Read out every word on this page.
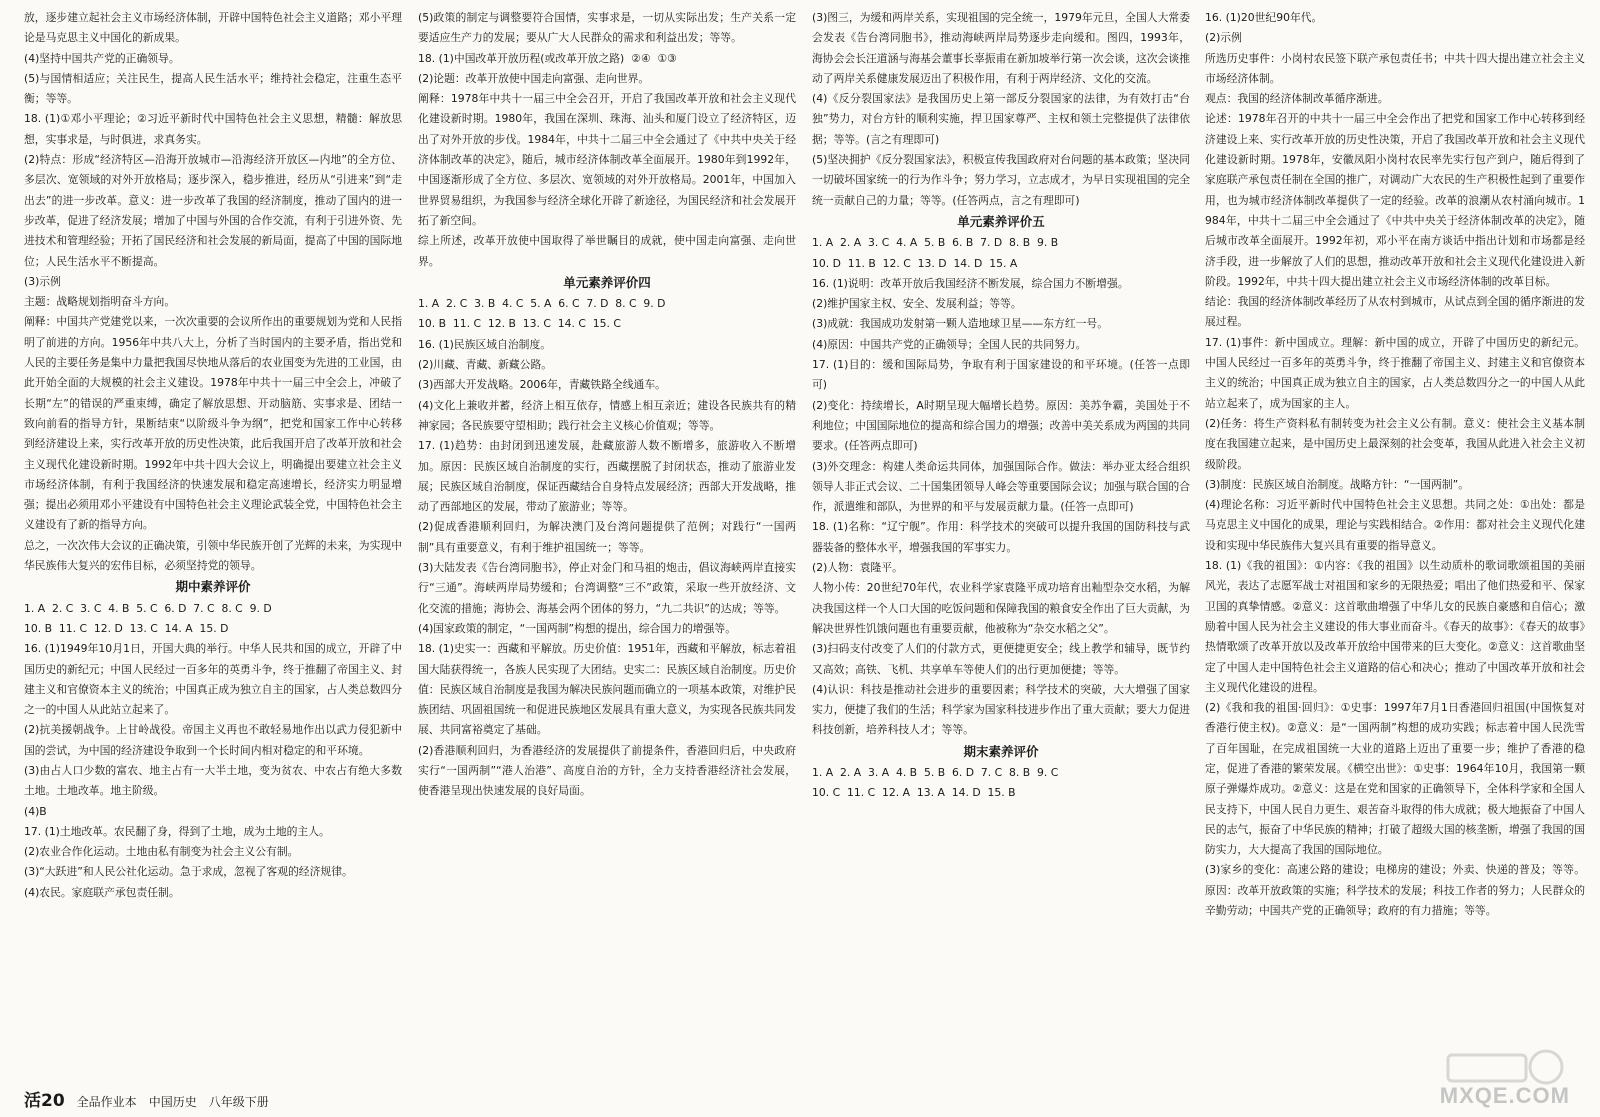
放，逐步建立起社会主义市场经济体制，开辟中国特色社会主义道路；邓小平理论是马克思主义中国化的新成果。
(4)坚持中国共产党的正确领导。
(5)与国情相适应；关注民生，提高人民生活水平；维持社会稳定，注重生态平衡；等等。
18. (1)①邓小平理论；②习近平新时代中国特色社会主义思想，精髓：解放思想，实事求是，与时俱进，求真务实。
(2)特点：形成“经济特区—沿海开放城市—沿海经济开放区—内地”的全方位、多层次、宽领域的对外开放格局；逐步深入，稳步推进，经历从“引进来”到“走出去”的进一步改革。意义：进一步改革了我国的经济制度，推动了国内的进一步改革，促进了经济发展；增加了中国与外国的合作交流，有利于引进外资、先进技术和管理经验；开拓了国民经济和社会发展的新局面，提高了中国的国际地位；人民生活水平不断提高。
(3)示例
主题：战略规划指明奋斗方向。
阐释：中国共产党建党以来，一次次重要的会议所作出的重要规划为党和人民指明了前进的方向。1956年中共八大上，分析了当时国内的主要矛盾，指出党和人民的主要任务是集中力量把我国尽快地从落后的农业国变为先进的工业国，由此开始全面的大规模的社会主义建设。1978年中共十一届三中全会上，冲破了长期“左”的错误的严重束缚，确定了解放思想、开动脑筋、实事求是、团结一致向前看的指导方针，果断结束“以阶级斗争为纲”，把党和国家工作中心转移到经济建设上来，实行改革开放的历史性决策，此后我国开启了改革开放和社会主义现代化建设新时期。1992年中共十四大会议上，明确提出要建立社会主义市场经济体制，有利于我国经济的快速发展和稳定高速增长，经济实力明显增强；提出必须用邓小平建设有中国特色社会主义理论武装全党，中国特色社会主义建设有了新的指导方向。
总之，一次次伟大会议的正确决策，引领中华民族开创了光辉的未来，为实现中华民族伟大复兴的宏伟目标，必须坚持党的领导。
期中素养评价
1. A  2. C  3. C  4. B  5. C  6. D  7. C  8. C  9. D
10. B  11. C  12. D  13. C  14. A  15. D
16. (1)1949年10月1日，开国大典的举行。中华人民共和国的成立，开辟了中国历史的新纪元；中国人民经过一百多年的英勇斗争，终于推翻了帝国主义、封建主义和官僚资本主义的统治；中国真正成为独立自主的国家，占人类总数四分之一的中国人从此站立起来了。
(2)抗美援朝战争。上甘岭战役。帝国主义再也不敢轻易地作出以武力侵犯新中国的尝试，为中国的经济建设争取到一个长时间内相对稳定的和平环境。
(3)由占人口少数的富农、地主占有一大半土地，变为贫农、中农占有绝大多数土地。土地改革。地主阶级。
(4)B
17. (1)土地改革。农民翻了身，得到了土地，成为土地的主人。
(2)农业合作化运动。土地由私有制变为社会主义公有制。
(3)“大跃进”和人民公社化运动。急于求成，忽视了客观的经济规律。
(4)农民。家庭联产承包责任制。
(5)政策的制定与调整要符合国情，实事求是，一切从实际出发；生产关系一定要适应生产力的发展；要从广大人民群众的需求和利益出发；等等。
18. (1)中国改革开放历程(或改革开放之路)  ②④  ①③
(2)论题：改革开放使中国走向富强、走向世界。
阐释：1978年中共十一届三中全会召开，开启了我国改革开放和社会主义现代化建设新时期。1980年，我国在深圳、珠海、汕头和厦门设立了经济特区，迈出了对外开放的步伐。1984年，中共十二届三中全会通过了《中共中央关于经济体制改革的决定》，随后，城市经济体制改革全面展开。1980年到1992年，中国逐渐形成了全方位、多层次、宽领域的对外开放格局。2001年，中国加入世界贸易组织，为我国参与经济全球化开辟了新途径，为国民经济和社会发展开拓了新空间。
综上所述，改革开放使中国取得了举世瞩目的成就，使中国走向富强、走向世界。
单元素养评价四
1. A  2. C  3. B  4. C  5. A  6. C  7. D  8. C  9. D
10. B  11. C  12. B  13. C  14. C  15. C
16. (1)民族区域自治制度。
(2)川藏、青藏、新藏公路。
(3)西部大开发战略。2006年，青藏铁路全线通车。
(4)文化上兼收并蓄，经济上相互依存，情感上相互亲近；建设各民族共有的精神家园；各民族要守望相助；践行社会主义核心价值观；等等。
17. (1)趋势：由封闭到迅速发展，赴藏旅游人数不断增多，旅游收入不断增加。原因：民族区域自治制度的实行，西藏摆脱了封闭状态，推动了旅游业发展；民族区域自治制度，保证西藏结合自身特点发展经济；西部大开发战略，推动了西部地区的发展，带动了旅游业；等等。
(2)促成香港顺利回归，为解决澳门及台湾问题提供了范例；对践行“一国两制”具有重要意义，有利于维护祖国统一；等等。
(3)大陆发表《告台湾同胞书》，停止对金门和马祖的炮击，倡议海峡两岸直接实行“三通”。海峡两岸局势缓和；台湾调整“三不”政策，采取一些开放经济、文化交流的措施；海协会、海基会两个团体的努力，“九二共识”的达成；等等。
(4)国家政策的制定，“一国两制”构想的提出，综合国力的增强等。
18. (1)史实一：西藏和平解放。历史价值：1951年，西藏和平解放，标志着祖国大陆获得统一，各族人民实现了大团结。史实二：民族区域自治制度。历史价值：民族区域自治制度是我国为解决民族问题而确立的一项基本政策，对维护民族团结、巩固祖国统一和促进民族地区发展具有重大意义，为实现各民族共同发展、共同富裕奠定了基础。
(2)香港顺利回归，为香港经济的发展提供了前提条件，香港回归后，中央政府实行“一国两制”“港人治港”、高度自治的方针，全力支持香港经济社会发展，使香港呈现出快速发展的良好局面。
(3)图三，为缓和两岸关系，实现祖国的完全统一，1979年元旦，全国人大常委会发表《告台湾同胞书》，推动海峡两岸局势逐步走向缓和。图四，1993年，海协会会长汪道涵与海基会董事长辜振甫在新加坡举行第一次会谈，这次会谈推动了两岸关系健康发展迈出了积极作用，有利于两岸经济、文化的交流。
(4)《反分裂国家法》是我国历史上第一部反分裂国家的法律，为有效打击“台独”势力，对台方针的顺利实施，捍卫国家尊严、主权和领土完整提供了法律依据；等等。(言之有理即可)
(5)坚决拥护《反分裂国家法》，积极宣传我国政府对台问题的基本政策；坚决同一切破坏国家统一的行为作斗争；努力学习，立志成才，为早日实现祖国的完全统一贡献自己的力量；等等。(任答两点，言之有理即可)
单元素养评价五
1. A  2. A  3. C  4. A  5. B  6. B  7. D  8. B  9. B
10. D  11. B  12. C  13. D  14. D  15. A
16. (1)说明：改革开放后我国经济不断发展，综合国力不断增强。
(2)维护国家主权、安全、发展利益；等等。
(3)成就：我国成功发射第一颗人造地球卫星——东方红一号。
(4)原因：中国共产党的正确领导；全国人民的共同努力。
17. (1)目的：缓和国际局势，争取有利于国家建设的和平环境。(任答一点即可)
(2)变化：持续增长，A时期呈现大幅增长趋势。原因：美苏争霸，美国处于不利地位；中国国际地位的提高和综合国力的增强；改善中美关系成为两国的共同要求。(任答两点即可)
(3)外交理念：构建人类命运共同体，加强国际合作。做法：举办亚太经合组织领导人非正式会议、二十国集团领导人峰会等重要国际会议；加强与联合国的合作，派遣维和部队，为世界的和平与发展贡献力量。(任答一点即可)
18. (1)名称：“辽宁舰”。作用：科学技术的突破可以提升我国的国防科技与武器装备的整体水平，增强我国的军事实力。
(2)人物：袁隆平。
人物小传：20世纪70年代，农业科学家袁隆平成功培育出籼型杂交水稻，为解决我国这样一个人口大国的吃饭问题和保障我国的粮食安全作出了巨大贡献，为解决世界性饥饿问题也有重要贡献，他被称为“杂交水稻之父”。
(3)扫码支付改变了人们的付款方式，更便捷更安全；线上教学和辅导，既节约又高效；高铁、飞机、共享单车等使人们的出行更加便捷；等等。
(4)认识：科技是推动社会进步的重要因素；科学技术的突破，大大增强了国家实力，便捷了我们的生活；科学家为国家科技进步作出了重大贡献；要大力促进科技创新，培养科技人才；等等。
期末素养评价
1. A  2. A  3. A  4. B  5. B  6. D  7. C  8. B  9. C
10. C  11. C  12. A  13. A  14. D  15. B
16. (1)20世纪90年代。
(2)示例
所选历史事件：小岗村农民签下联产承包责任书；中共十四大提出建立社会主义市场经济体制。
观点：我国的经济体制改革循序渐进。
论述：1978年召开的中共十一届三中全会作出了把党和国家工作中心转移到经济建设上来、实行改革开放的历史性决策，开启了我国改革开放和社会主义现代化建设新时期。1978年，安徽凤阳小岗村农民率先实行包产到户，随后得到了家庭联产承包责任制在全国的推广，对调动广大农民的生产积极性起到了重要作用，也为城市经济体制改革提供了一定的经验。改革的浪潮从农村涌向城市。1984年，中共十二届三中全会通过了《中共中央关于经济体制改革的决定》，随后城市改革全面展开。1992年初，邓小平在南方谈话中指出计划和市场都是经济手段，进一步解放了人们的思想，推动改革开放和社会主义现代化建设进入新阶段。1992年，中共十四大提出建立社会主义市场经济体制的改革目标。
结论：我国的经济体制改革经历了从农村到城市，从试点到全国的循序渐进的发展过程。
17. (1)事件：新中国成立。理解：新中国的成立，开辟了中国历史的新纪元。中国人民经过一百多年的英勇斗争，终于推翻了帝国主义、封建主义和官僚资本主义的统治；中国真正成为独立自主的国家，占人类总数四分之一的中国人从此站立起来了，成为国家的主人。
(2)任务：将生产资料私有制转变为社会主义公有制。意义：使社会主义基本制度在我国建立起来，是中国历史上最深刻的社会变革，我国从此进入社会主义初级阶段。
(3)制度：民族区域自治制度。战略方针：“一国两制”。
(4)理论名称：习近平新时代中国特色社会主义思想。共同之处：①出处：都是马克思主义中国化的成果，理论与实践相结合。②作用：都对社会主义现代化建设和实现中华民族伟大复兴具有重要的指导意义。
18. (1)《我的祖国》：①内容：《我的祖国》以生动质朴的歌词歌颂祖国的美丽风光，表达了志愿军战士对祖国和家乡的无限热爱；唱出了他们热爱和平、保家卫国的真挚情感。②意义：这首歌曲增强了中华儿女的民族自豪感和自信心；激励着中国人民为社会主义建设的伟大事业而奋斗。《春天的故事》：《春天的故事》热情歌颂了改革开放以及改革开放给中国带来的巨大变化。②意义：这首歌曲坚定了中国人走中国特色社会主义道路的信心和决心；推动了中国改革开放和社会主义现代化建设的进程。
(2)《我和我的祖国·回归》：①史事：1997年7月1日香港回归祖国(中国恢复对香港行使主权)。②意义：是“一国两制”构想的成功实践；标志着中国人民洗雪了百年国耻，在完成祖国统一大业的道路上迈出了重要一步；维护了香港的稳定，促进了香港的繁荣发展。《横空出世》：①史事：1964年10月，我国第一颗原子弹爆炸成功。②意义：这是在党和国家的正确领导下，全体科学家和全国人民支持下，中国人民自力更生、艰苦奋斗取得的伟大成就；极大地振奋了中国人民的志气，振奋了中华民族的精神；打破了超级大国的核垄断，增强了我国的国防实力，大大提高了我国的国际地位。
(3)家乡的变化：高速公路的建设；电梯房的建设；外卖、快递的普及；等等。原因：改革开放政策的实施；科学技术的发展；科技工作者的努力；人民群众的辛勤劳动；中国共产党的正确领导；政府的有力措施；等等。
活20 全品作业本 中国历史 八年级下册	MXQE.COM
